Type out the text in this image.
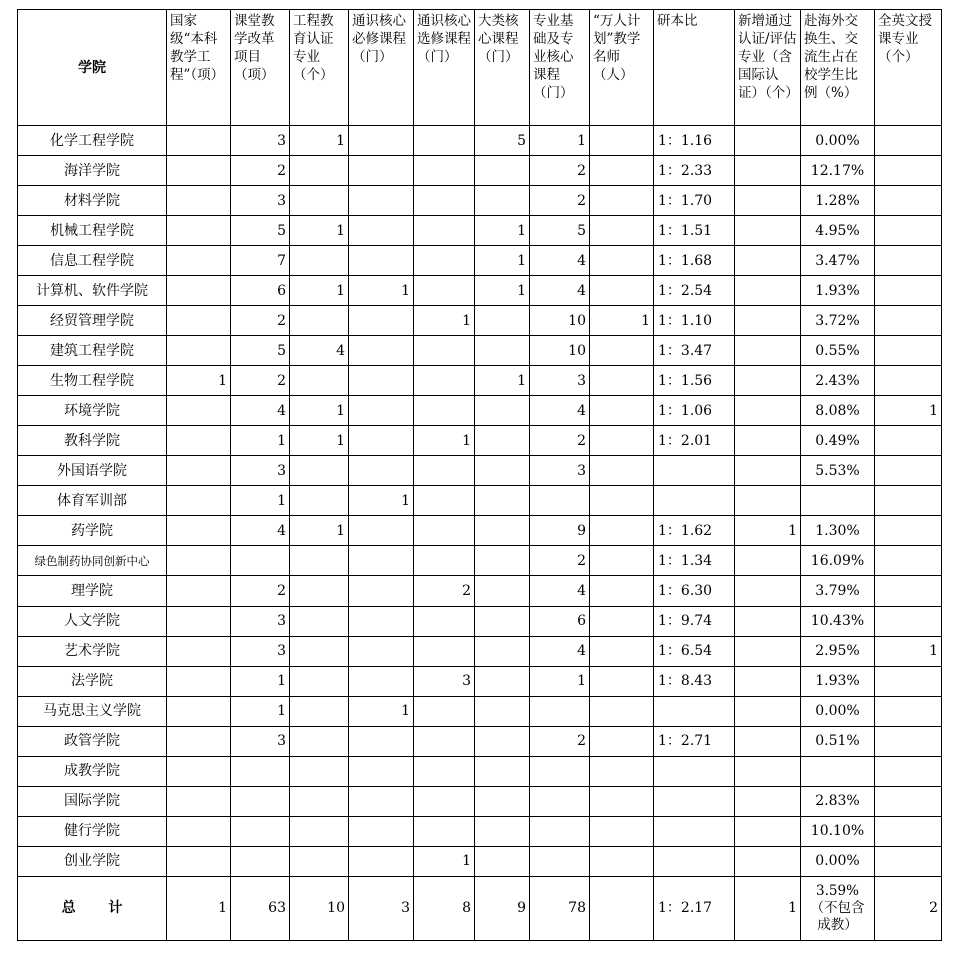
学院	国家级“本科教学工程”（项）	课堂教学改革项目（项）	工程教育认证专业（个）	通识核心必修课程（门）	通识核心选修课程（门）	大类核心课程（门）	专业基础及专业核心课程（门）	“万人计划”教学名师（人）	研本比	新增通过认证/评估专业（含国际认证）（个）	赴海外交换生、交流生占在校学生比例（%）	全英文授课专业（个）
化学工程学院		3	1			5	1		1：1.16		0.00%	
海洋学院		2					2		1：2.33		12.17%	
材料学院		3					2		1：1.70		1.28%	
机械工程学院		5	1			1	5		1：1.51		4.95%	
信息工程学院		7				1	4		1：1.68		3.47%	
计算机、软件学院		6	1	1		1	4		1：2.54		1.93%	
经贸管理学院		2			1		10	1	1：1.10		3.72%	
建筑工程学院		5	4				10		1：3.47		0.55%	
生物工程学院	1	2				1	3		1：1.56		2.43%	
环境学院		4	1				4		1：1.06		8.08%	1
教科学院		1	1		1		2		1：2.01		0.49%	
外国语学院		3					3				5.53%	
体育军训部		1		1								
药学院		4	1				9		1：1.62	1	1.30%	
绿色制药协同创新中心							2		1：1.34		16.09%	
理学院		2			2		4		1：6.30		3.79%	
人文学院		3					6		1：9.74		10.43%	
艺术学院		3					4		1：6.54		2.95%	1
法学院		1			3		1		1：8.43		1.93%	
马克思主义学院		1		1							0.00%	
政管学院		3					2		1：2.71		0.51%	
成教学院												
国际学院											2.83%	
健行学院											10.10%	
创业学院					1						0.00%	
总 计	1	63	10	3	8	9	78		1：2.17	1	3.59%（不包含成教）	2
